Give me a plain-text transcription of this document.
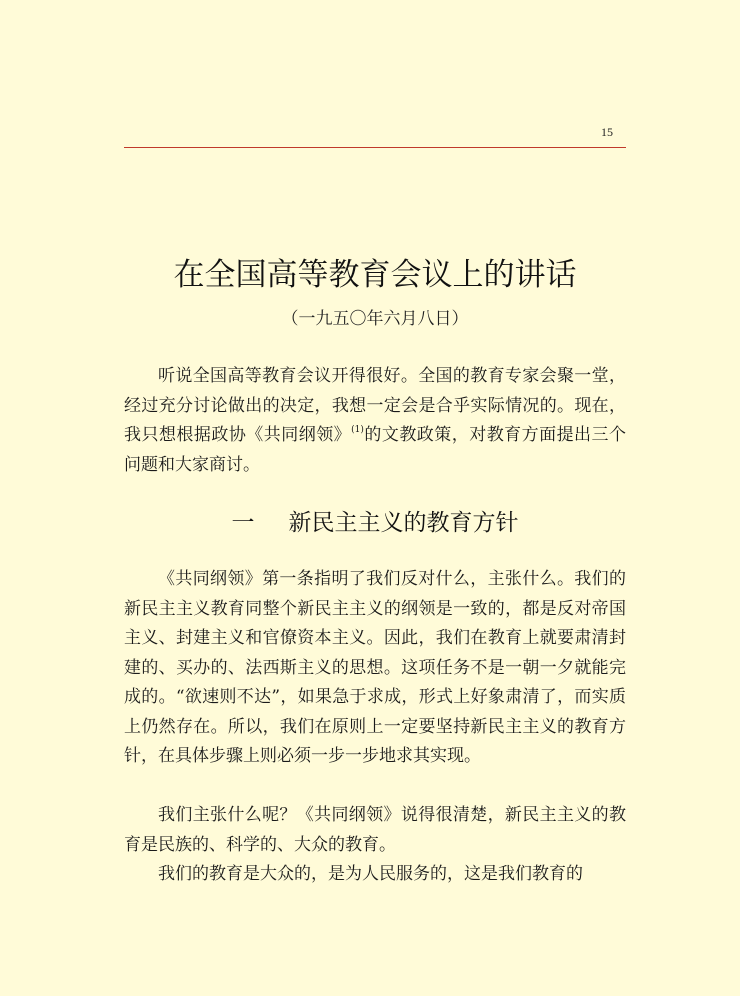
15
在全国高等教育会议上的讲话
（一九五〇年六月八日）

听说全国高等教育会议开得很好。全国的教育专家会聚一堂，经过充分讨论做出的决定，我想一定会是合乎实际情况的。现在，我只想根据政协《共同纲领》$^{(1)}$的文教政策，对教育方面提出三个问题和大家商讨。

一 新民主主义的教育方针

《共同纲领》第一条指明了我们反对什么，主张什么。我们的新民主主义教育同整个新民主主义的纲领是一致的，都是反对帝国主义、封建主义和官僚资本主义。因此，我们在教育上就要肃清封建的、买办的、法西斯主义的思想。这项任务不是一朝一夕就能完成的。“欲速则不达”，如果急于求成，形式上好象肃清了，而实质上仍然存在。所以，我们在原则上一定要坚持新民主主义的教育方针，在具体步骤上则必须一步一步地求其实现。

我们主张什么呢？《共同纲领》说得很清楚，新民主主义的教育是民族的、科学的、大众的教育。

我们的教育是大众的，是为人民服务的，这是我们教育的
